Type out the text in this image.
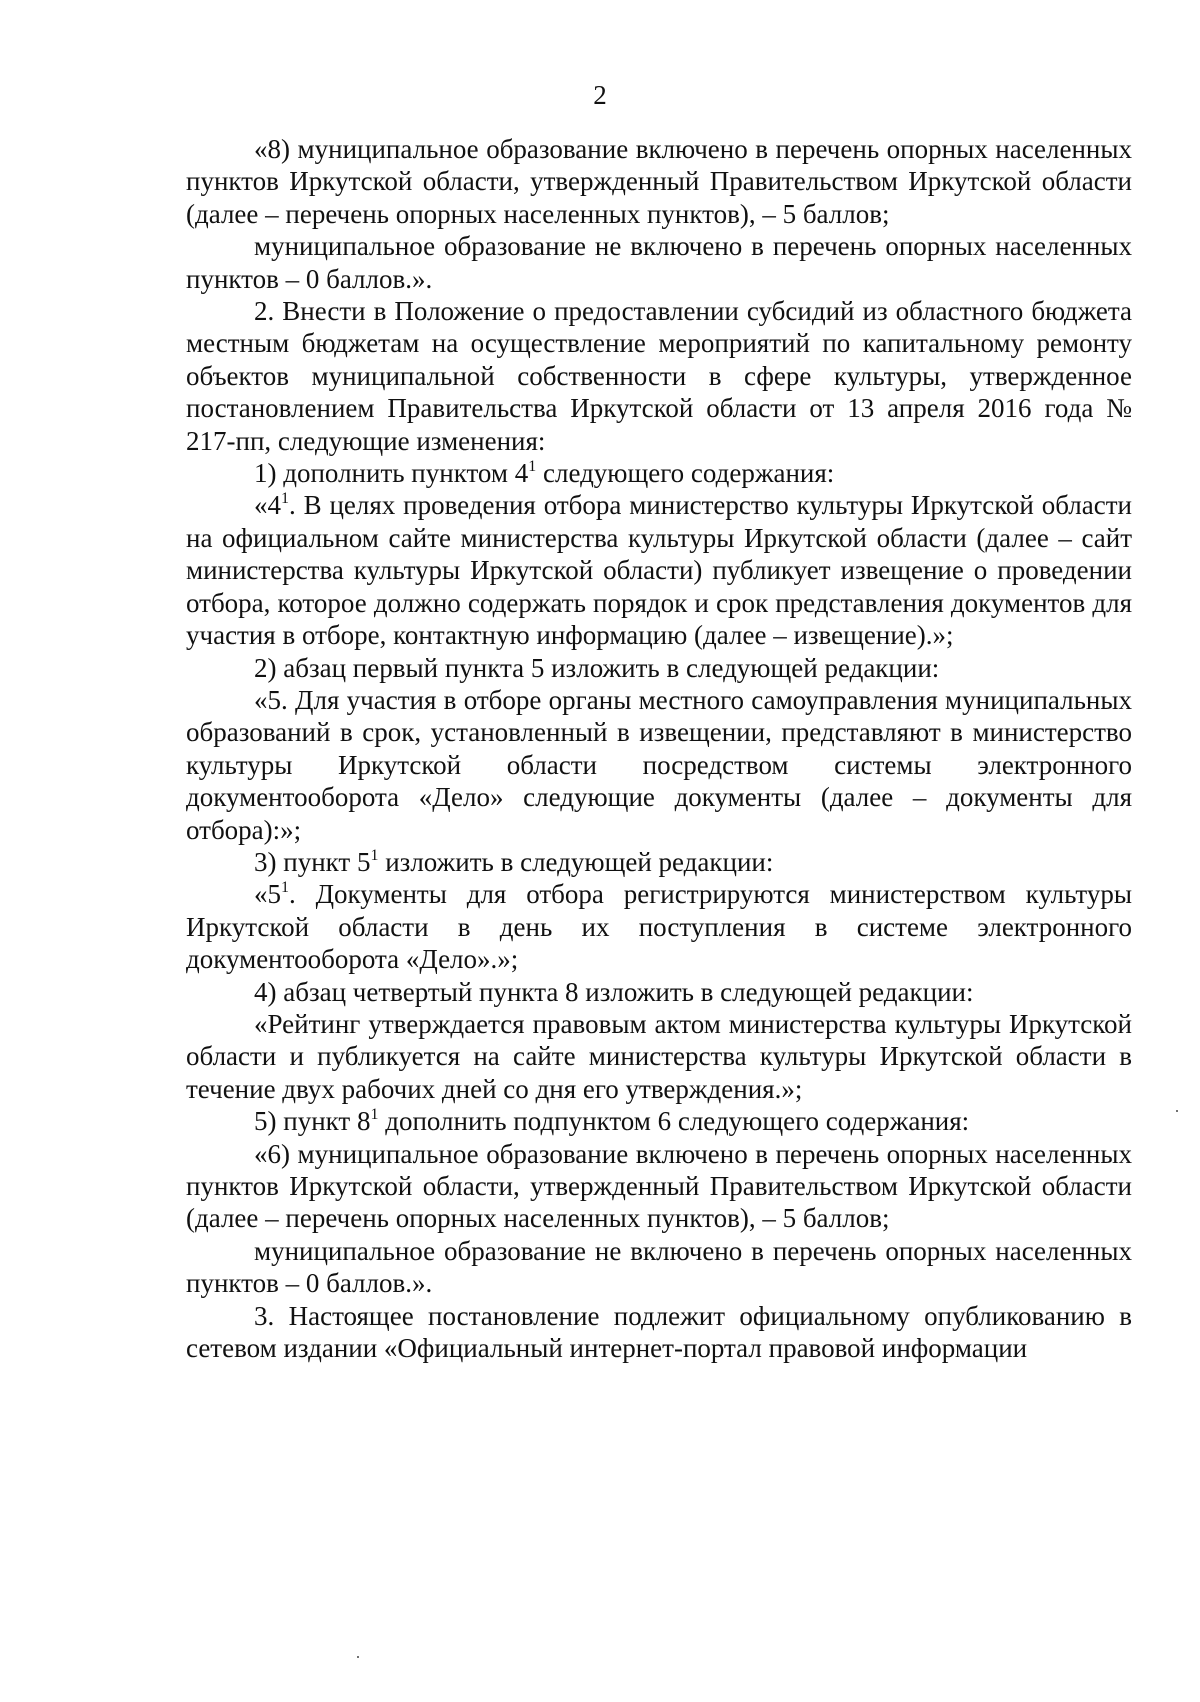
2

«8) муниципальное образование включено в перечень опорных населенных пунктов Иркутской области, утвержденный Правительством Иркутской области (далее – перечень опорных населенных пунктов), – 5 баллов;

муниципальное образование не включено в перечень опорных населенных пунктов – 0 баллов.».

2. Внести в Положение о предоставлении субсидий из областного бюджета местным бюджетам на осуществление мероприятий по капитальному ремонту объектов муниципальной собственности в сфере культуры, утвержденное постановлением Правительства Иркутской области от 13 апреля 2016 года № 217-пп, следующие изменения:

1) дополнить пунктом $4^1$ следующего содержания:

«$4^1$. В целях проведения отбора министерство культуры Иркутской области на официальном сайте министерства культуры Иркутской области (далее – сайт министерства культуры Иркутской области) публикует извещение о проведении отбора, которое должно содержать порядок и срок представления документов для участия в отборе, контактную информацию (далее – извещение).»;

2) абзац первый пункта 5 изложить в следующей редакции:

«5. Для участия в отборе органы местного самоуправления муниципальных образований в срок, установленный в извещении, представляют в министерство культуры Иркутской области посредством системы электронного документооборота «Дело» следующие документы (далее – документы для отбора):»;

3) пункт $5^1$ изложить в следующей редакции:

«$5^1$. Документы для отбора регистрируются министерством культуры Иркутской области в день их поступления в системе электронного документооборота «Дело».»;

4) абзац четвертый пункта 8 изложить в следующей редакции:

«Рейтинг утверждается правовым актом министерства культуры Иркутской области и публикуется на сайте министерства культуры Иркутской области в течение двух рабочих дней со дня его утверждения.»;

5) пункт $8^1$ дополнить подпунктом 6 следующего содержания:

«6) муниципальное образование включено в перечень опорных населенных пунктов Иркутской области, утвержденный Правительством Иркутской области (далее – перечень опорных населенных пунктов), – 5 баллов;

муниципальное образование не включено в перечень опорных населенных пунктов – 0 баллов.».

3. Настоящее постановление подлежит официальному опубликованию в сетевом издании «Официальный интернет-портал правовой информации
